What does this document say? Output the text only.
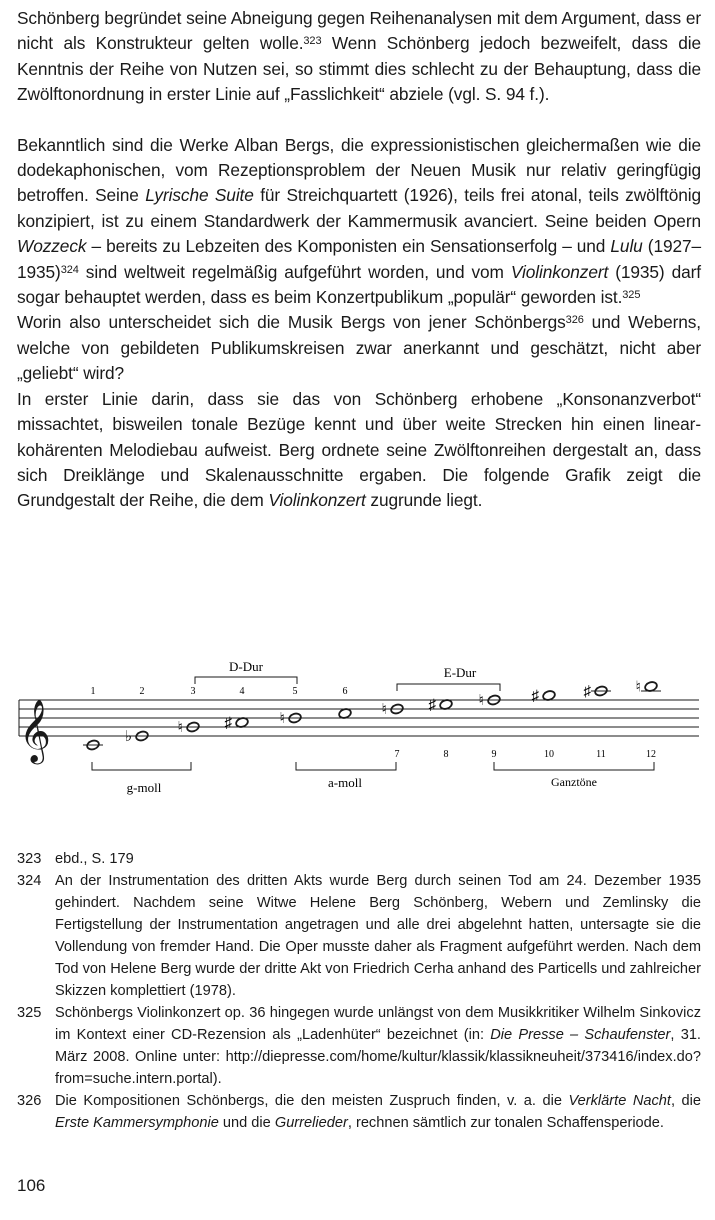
Schönberg begründet seine Abneigung gegen Reihenanalysen mit dem Argument, dass er nicht als Konstrukteur gelten wolle.$^{323}$ Wenn Schönberg jedoch bezweifelt, dass die Kenntnis der Reihe von Nutzen sei, so stimmt dies schlecht zu der Behauptung, dass die Zwölftonordnung in erster Linie auf „Fasslichkeit“ abziele (vgl. S. 94 f.).

Bekanntlich sind die Werke Alban Bergs, die expressionistischen gleichermaßen wie die dodekaphonischen, vom Rezeptionsproblem der Neuen Musik nur relativ geringfügig betroffen. Seine Lyrische Suite für Streichquartett (1926), teils frei atonal, teils zwölftönig konzipiert, ist zu einem Standardwerk der Kammermusik avanciert. Seine beiden Opern Wozzeck – bereits zu Lebzeiten des Komponisten ein Sensationserfolg – und Lulu (1927–1935)$^{324}$ sind weltweit regelmäßig aufgeführt worden, und vom Violinkonzert (1935) darf sogar behauptet werden, dass es beim Konzertpublikum „populär“ geworden ist.$^{325}$

Worin also unterscheidet sich die Musik Bergs von jener Schönbergs$^{326}$ und Weberns, welche von gebildeten Publikumskreisen zwar anerkannt und geschätzt, nicht aber „geliebt“ wird?

In erster Linie darin, dass sie das von Schönberg erhobene „Konsonanzverbot“ missachtet, bisweilen tonale Bezüge kennt und über weite Strecken hin einen linear-kohärenten Melodiebau aufweist. Berg ordnete seine Zwölftonreihen dergestalt an, dass sich Dreiklänge und Skalenausschnitte ergaben. Die folgende Grafik zeigt die Grundgestalt der Reihe, die dem Violinkonzert zugrunde liegt.

𝄞
D-Dur	E-Dur
g-moll	a-moll	Ganztöne
1
♭
2
♮
3
♯
4
♮
5	6
♮
7
♯
8
♮
9
♯
10
♯
11
♮
12
323 ebd., S. 179
324 An der Instrumentation des dritten Akts wurde Berg durch seinen Tod am 24. Dezember 1935 gehindert. Nachdem seine Witwe Helene Berg Schönberg, Webern und Zemlinsky die Fertigstellung der Instrumentation angetragen und alle drei abgelehnt hatten, untersagte sie die Vollendung von fremder Hand. Die Oper musste daher als Fragment aufgeführt werden. Nach dem Tod von Helene Berg wurde der dritte Akt von Friedrich Cerha anhand des Particells und zahlreicher Skizzen komplettiert (1978).
325 Schönbergs Violinkonzert op. 36 hingegen wurde unlängst von dem Musikkritiker Wilhelm Sinkovicz im Kontext einer CD-Rezension als „Ladenhüter“ bezeichnet (in: Die Presse – Schaufenster, 31. März 2008. Online unter: http://diepresse.com/home/kultur/klassik/klassikneuheit/373416/index.do?from=suche.intern.portal).
326 Die Kompositionen Schönbergs, die den meisten Zuspruch finden, v. a. die Verklärte Nacht, die Erste Kammersymphonie und die Gurrelieder, rechnen sämtlich zur tonalen Schaffensperiode.
106
